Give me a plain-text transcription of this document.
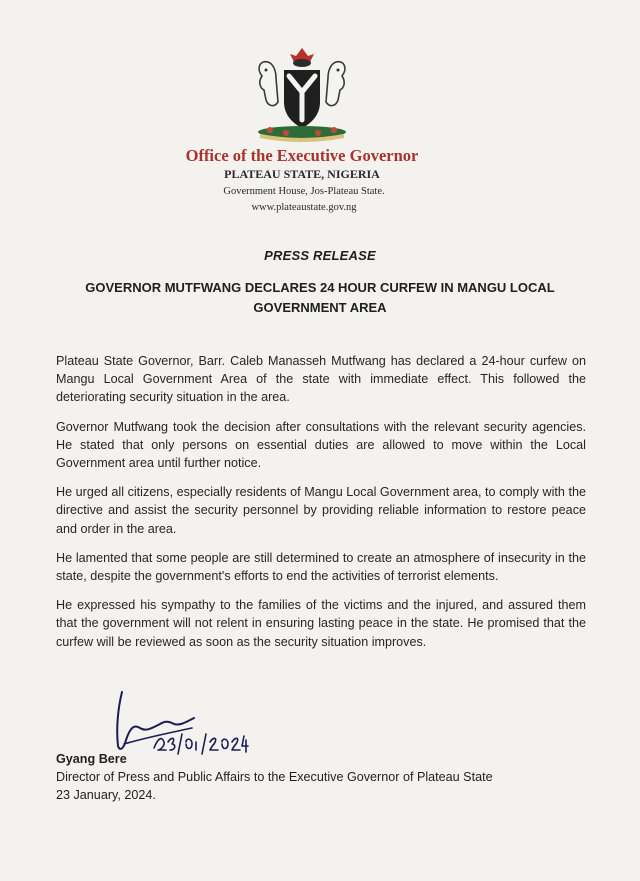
Office of the Executive Governor
PLATEAU STATE, NIGERIA
Government House, Jos-Plateau State.
www.plateaustate.gov.ng
PRESS RELEASE
GOVERNOR MUTFWANG DECLARES 24 HOUR CURFEW IN MANGU LOCAL GOVERNMENT AREA

Plateau State Governor, Barr. Caleb Manasseh Mutfwang has declared a 24-hour curfew on Mangu Local Government Area of the state with immediate effect. This followed the deteriorating security situation in the area.

Governor Mutfwang took the decision after consultations with the relevant security agencies. He stated that only persons on essential duties are allowed to move within the Local Government area until further notice.

He urged all citizens, especially residents of Mangu Local Government area, to comply with the directive and assist the security personnel by providing reliable information to restore peace and order in the area.

He lamented that some people are still determined to create an atmosphere of insecurity in the state, despite the government's efforts to end the activities of terrorist elements.

He expressed his sympathy to the families of the victims and the injured, and assured them that the government will not relent in ensuring lasting peace in the state. He promised that the curfew will be reviewed as soon as the security situation improves.

Gyang Bere
Director of Press and Public Affairs to the Executive Governor of Plateau State
23 January, 2024.
